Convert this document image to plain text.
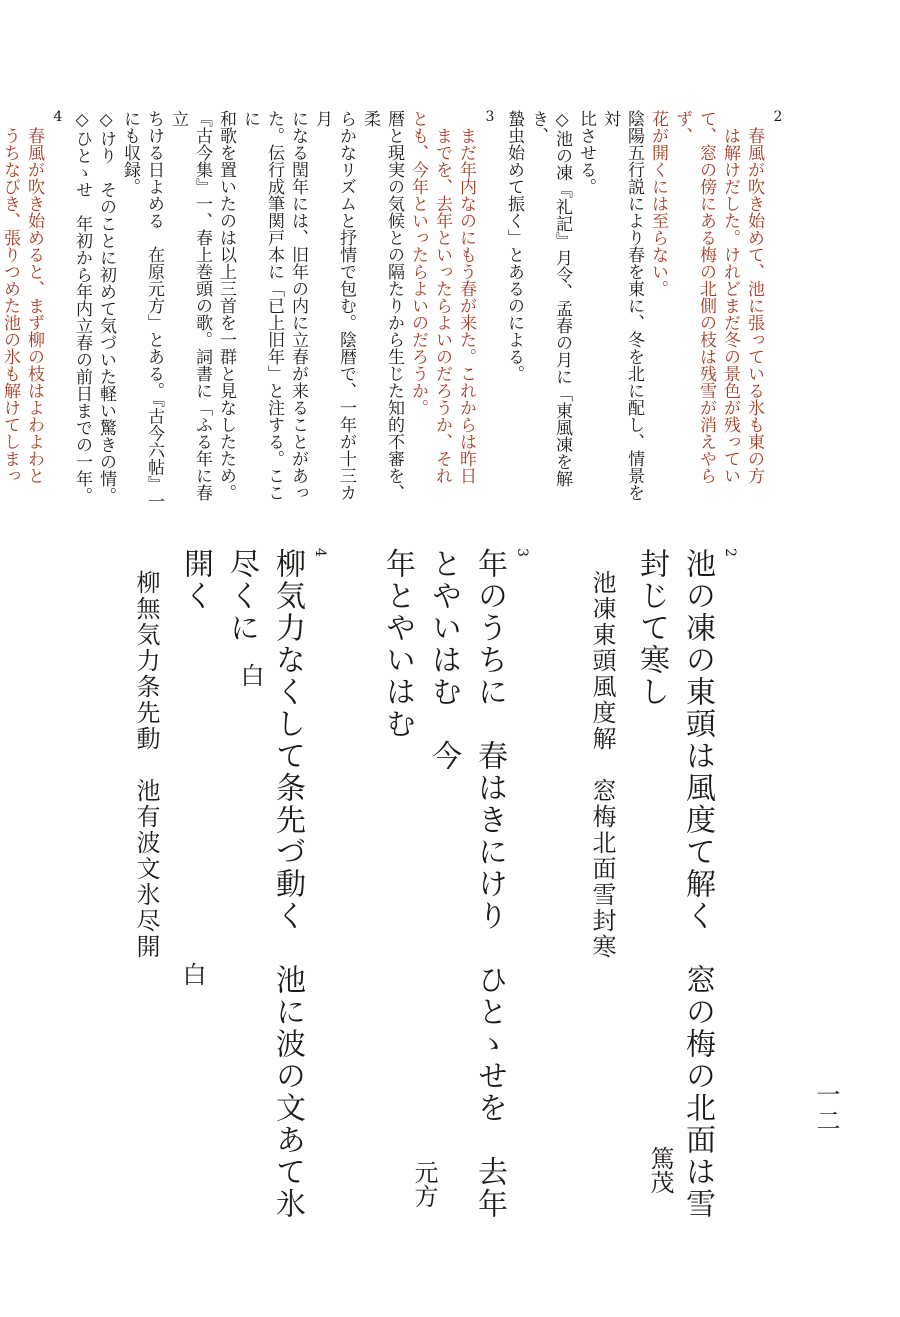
一二
2
春風が吹き始めて、池に張っている氷も東の方
は解けだした。けれどまだ冬の景色が残ってい
て、窓の傍にある梅の北側の枝は残雪が消えやらず、
花が開くには至らない。
陰陽五行説により春を東に、冬を北に配し、情景を対
比させる。
◇池の凍『礼記』月令、孟春の月に「東風凍を解き、
蟄虫始めて振く」とあるのによる。
3
まだ年内なのにもう春が来た。これからは昨日
までを、去年といったらよいのだろうか、それ
とも、今年といったらよいのだろうか。
暦と現実の気候との隔たりから生じた知的不審を、柔
らかなリズムと抒情で包む。陰暦で、一年が十三カ月
になる閏年には、旧年の内に立春が来ることがあっ
た。伝行成筆関戸本に「已上旧年」と注する。ここに
和歌を置いたのは以上三首を一群と見なしたため。
『古今集』一、春上巻頭の歌。詞書に「ふる年に春立
ちける日よめる　在原元方」とある。『古今六帖』一
にも収録。
◇けり　そのことに初めて気づいた軽い驚きの情。
◇ひとゝせ　年初から年内立春の前日までの一年。
4
春風が吹き始めると、まず柳の枝はよわよわと
うちなびき、張りつめた池の氷も解けてしまっ
2
池の凍の東頭は風度て解く　窓の梅の北面は雪封じて寒し
池凍東頭風度解　窓梅北面雪封寒
3
年のうちに　春はきにけり　ひとゝせを　去年とやいはむ　今
年とやいはむ
4
柳気力なくして条先づ動く　池に波の文あて氷尽くに
開く
柳無気力条先動　池有波文氷尽開
篤茂
元方
白
白
